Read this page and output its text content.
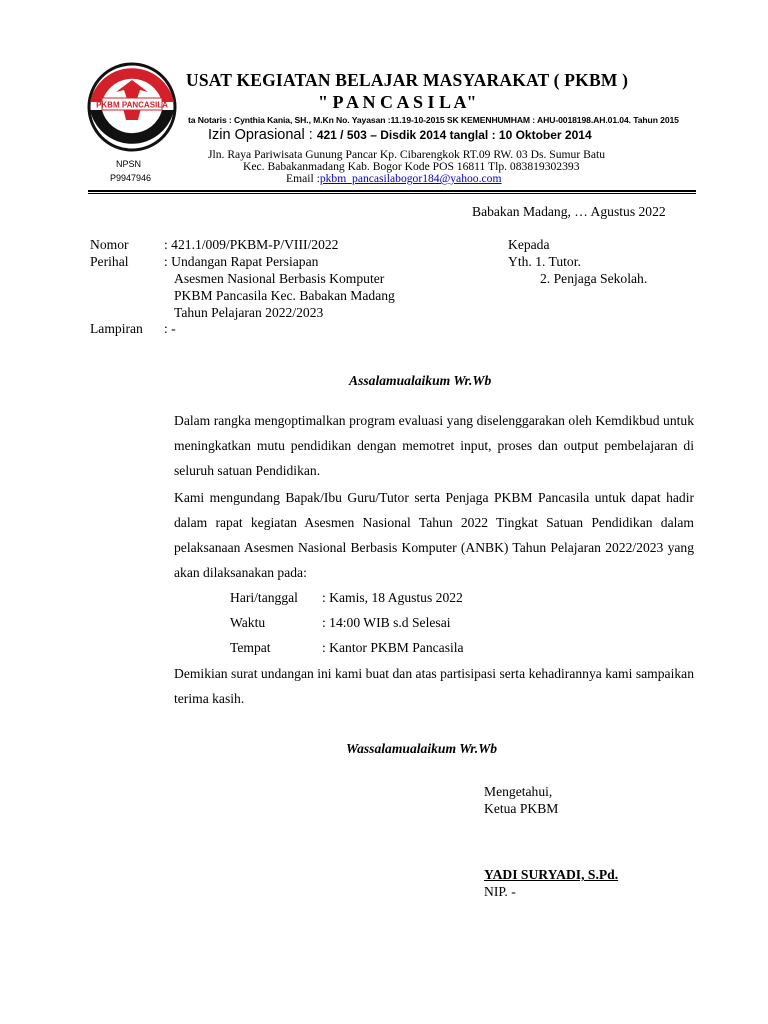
PKBM PANCASILA
USAT KEGIATAN BELAJAR MASYARAKAT ( PKBM )
" P A N C A S I L A"
ta Notaris : Cynthia Kania, SH., M.Kn No. Yayasan :11.19-10-2015 SK KEMENHUMHAM : AHU-0018198.AH.01.04. Tahun 2015
Izin Oprasional : 421 / 503 – Disdik 2014 tanglal : 10 Oktober 2014
Jln. Raya Pariwisata Gunung Pancar Kp. Cibarengkok RT.09 RW. 03 Ds. Sumur Batu
Kec. Babakanmadang Kab. Bogor Kode POS 16811 Tlp. 083819302393
Email :pkbm_pancasilabogor184@yahoo.com
NPSN
P9947946
Babakan Madang, … Agustus 2022
Nomor	: 421.1/009/PKBM-P/VIII/2022
Perihal	: Undangan Rapat Persiapan
Asesmen Nasional Berbasis Komputer
PKBM Pancasila Kec. Babakan Madang
Tahun Pelajaran 2022/2023
Lampiran : -
Kepada
Yth. 1. Tutor.
2. Penjaga Sekolah.
Assalamualaikum Wr.Wb
Dalam rangka mengoptimalkan program evaluasi yang diselenggarakan oleh Kemdikbud untuk meningkatkan mutu pendidikan dengan memotret input, proses dan output pembelajaran di seluruh satuan Pendidikan.
Kami mengundang Bapak/Ibu Guru/Tutor serta Penjaga PKBM Pancasila untuk dapat hadir dalam rapat kegiatan Asesmen Nasional Tahun 2022 Tingkat Satuan Pendidikan dalam pelaksanaan Asesmen Nasional Berbasis Komputer (ANBK) Tahun Pelajaran 2022/2023 yang akan dilaksanakan pada:
Hari/tanggal : Kamis, 18 Agustus 2022
Waktu	: 14:00 WIB s.d Selesai
Tempat	: Kantor PKBM Pancasila
Demikian surat undangan ini kami buat dan atas partisipasi serta kehadirannya kami sampaikan terima kasih.
Wassalamualaikum Wr.Wb
Mengetahui,
Ketua PKBM
YADI SURYADI, S.Pd.
NIP. -
